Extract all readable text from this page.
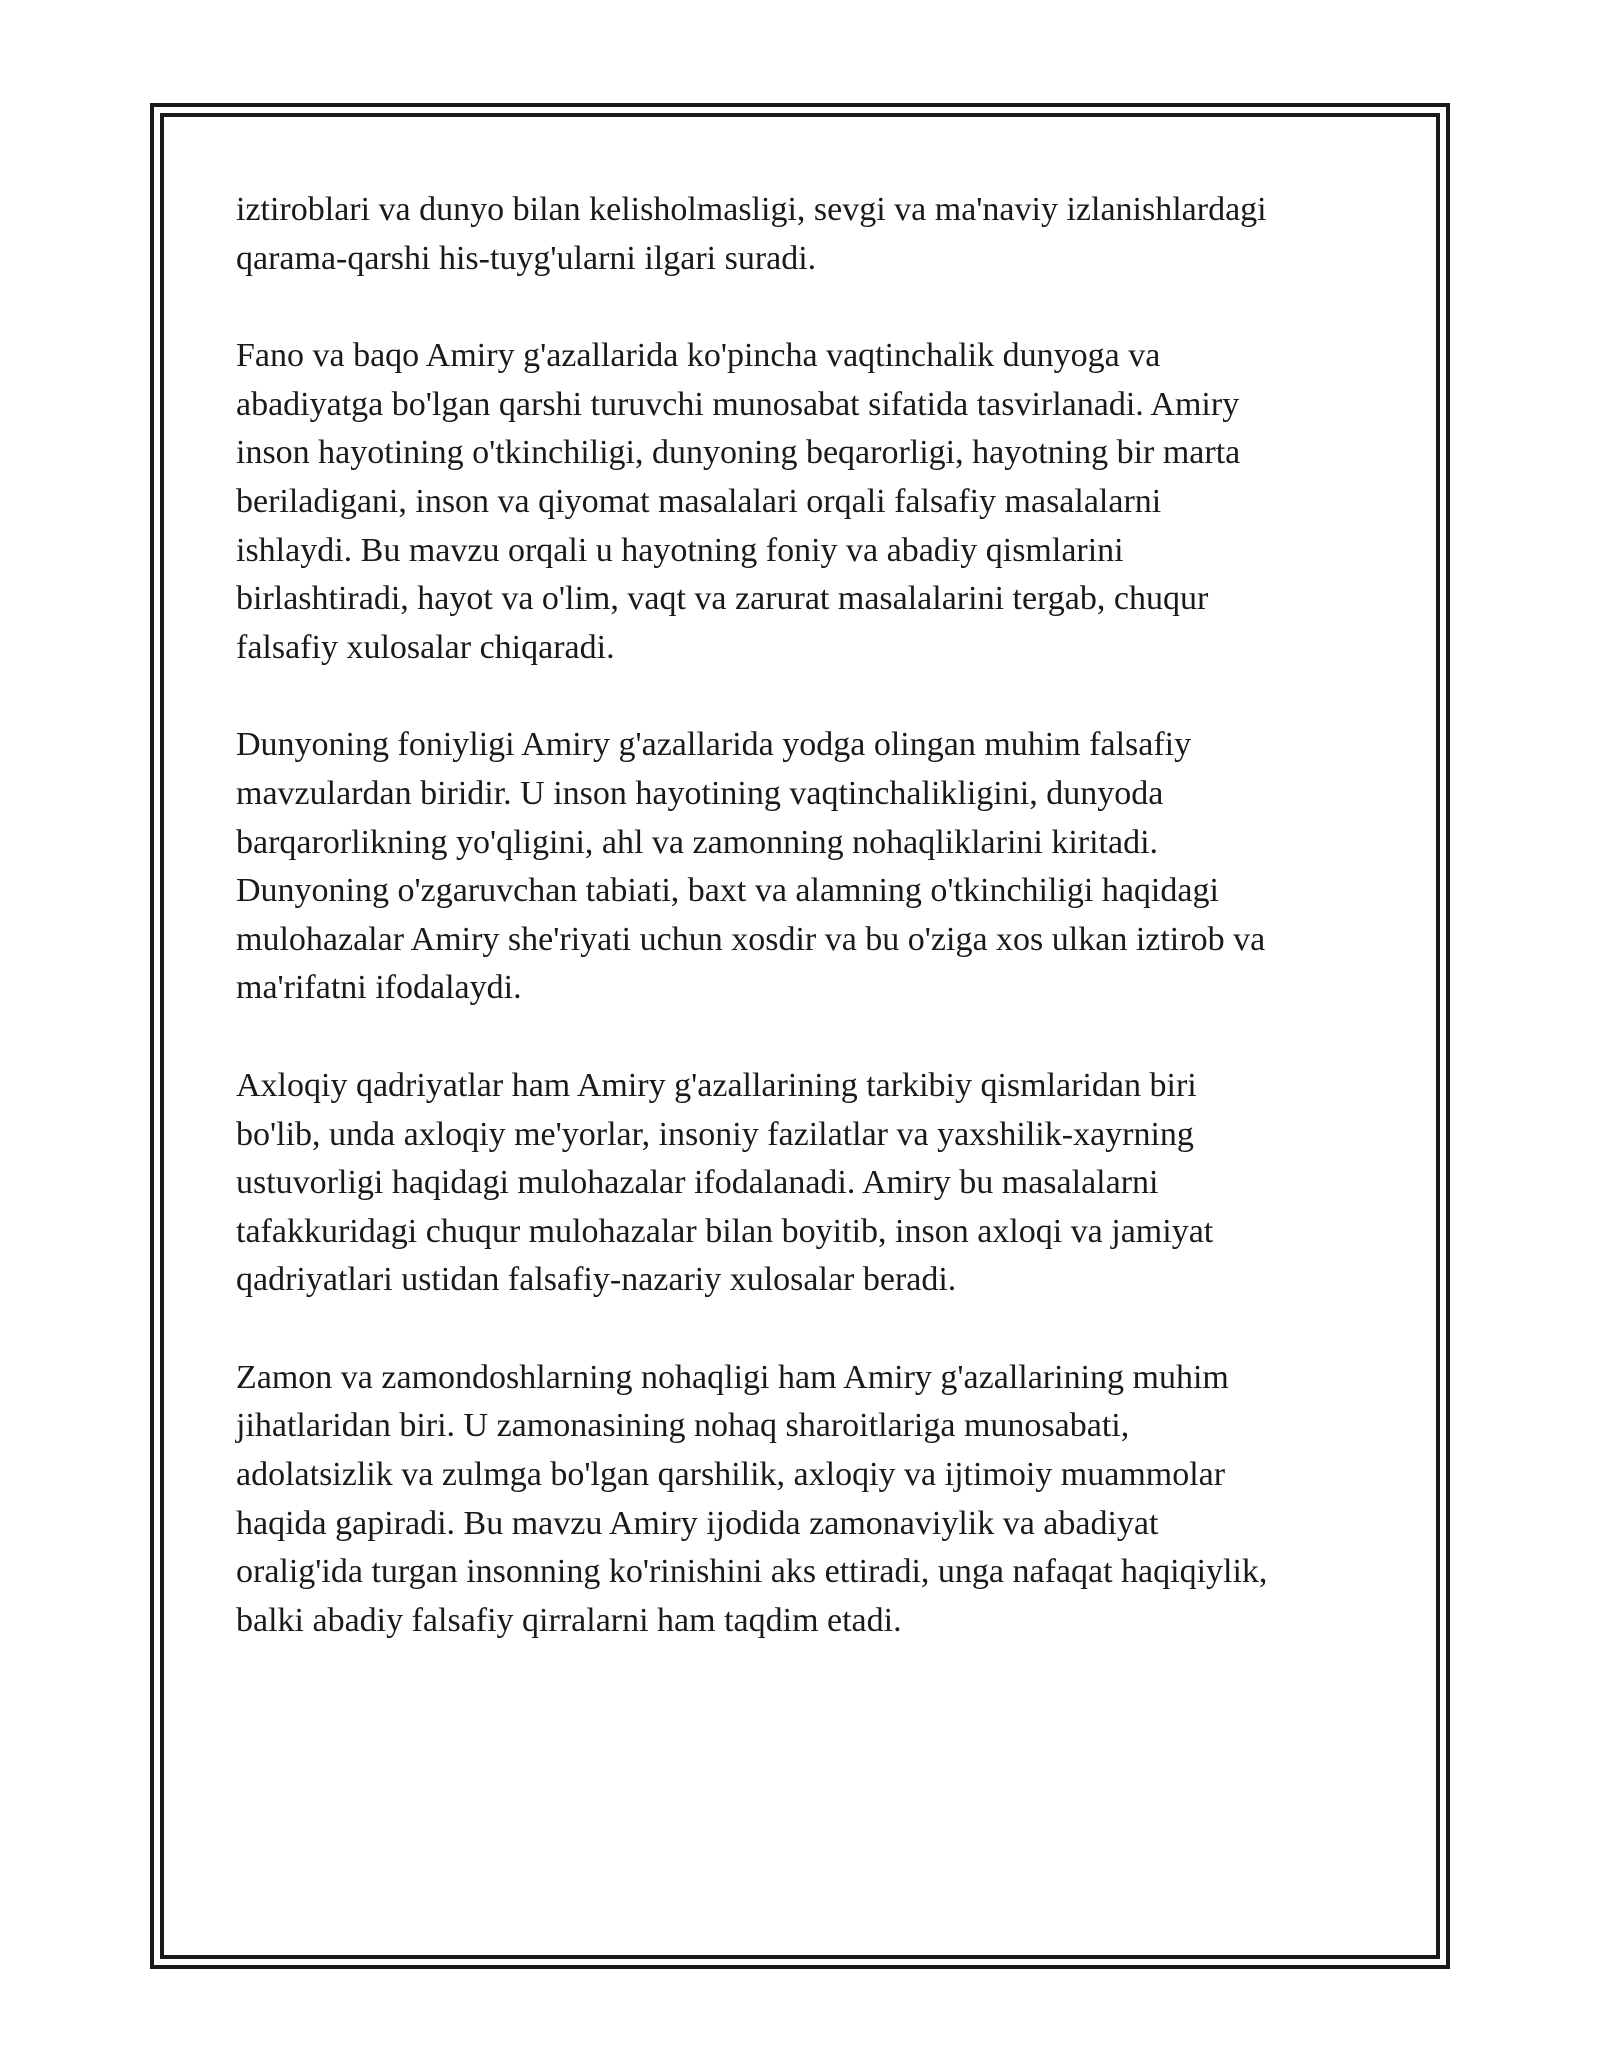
iztiroblari va dunyo bilan kelisholmasligi, sevgi va ma'naviy izlanishlardagi
qarama-qarshi his-tuyg'ularni ilgari suradi.

Fano va baqo Amiry g'azallarida ko'pincha vaqtinchalik dunyoga va
abadiyatga bo'lgan qarshi turuvchi munosabat sifatida tasvirlanadi. Amiry
inson hayotining o'tkinchiligi, dunyoning beqarorligi, hayotning bir marta
beriladigani, inson va qiyomat masalalari orqali falsafiy masalalarni
ishlaydi. Bu mavzu orqali u hayotning foniy va abadiy qismlarini
birlashtiradi, hayot va o'lim, vaqt va zarurat masalalarini tergab, chuqur
falsafiy xulosalar chiqaradi.

Dunyoning foniyligi Amiry g'azallarida yodga olingan muhim falsafiy
mavzulardan biridir. U inson hayotining vaqtinchalikligini, dunyoda
barqarorlikning yo'qligini, ahl va zamonning nohaqliklarini kiritadi.
Dunyoning o'zgaruvchan tabiati, baxt va alamning o'tkinchiligi haqidagi
mulohazalar Amiry she'riyati uchun xosdir va bu o'ziga xos ulkan iztirob va
ma'rifatni ifodalaydi.

Axloqiy qadriyatlar ham Amiry g'azallarining tarkibiy qismlaridan biri
bo'lib, unda axloqiy me'yorlar, insoniy fazilatlar va yaxshilik-xayrning
ustuvorligi haqidagi mulohazalar ifodalanadi. Amiry bu masalalarni
tafakkuridagi chuqur mulohazalar bilan boyitib, inson axloqi va jamiyat
qadriyatlari ustidan falsafiy-nazariy xulosalar beradi.

Zamon va zamondoshlarning nohaqligi ham Amiry g'azallarining muhim
jihatlaridan biri. U zamonasining nohaq sharoitlariga munosabati,
adolatsizlik va zulmga bo'lgan qarshilik, axloqiy va ijtimoiy muammolar
haqida gapiradi. Bu mavzu Amiry ijodida zamonaviylik va abadiyat
oralig'ida turgan insonning ko'rinishini aks ettiradi, unga nafaqat haqiqiylik,
balki abadiy falsafiy qirralarni ham taqdim etadi.
